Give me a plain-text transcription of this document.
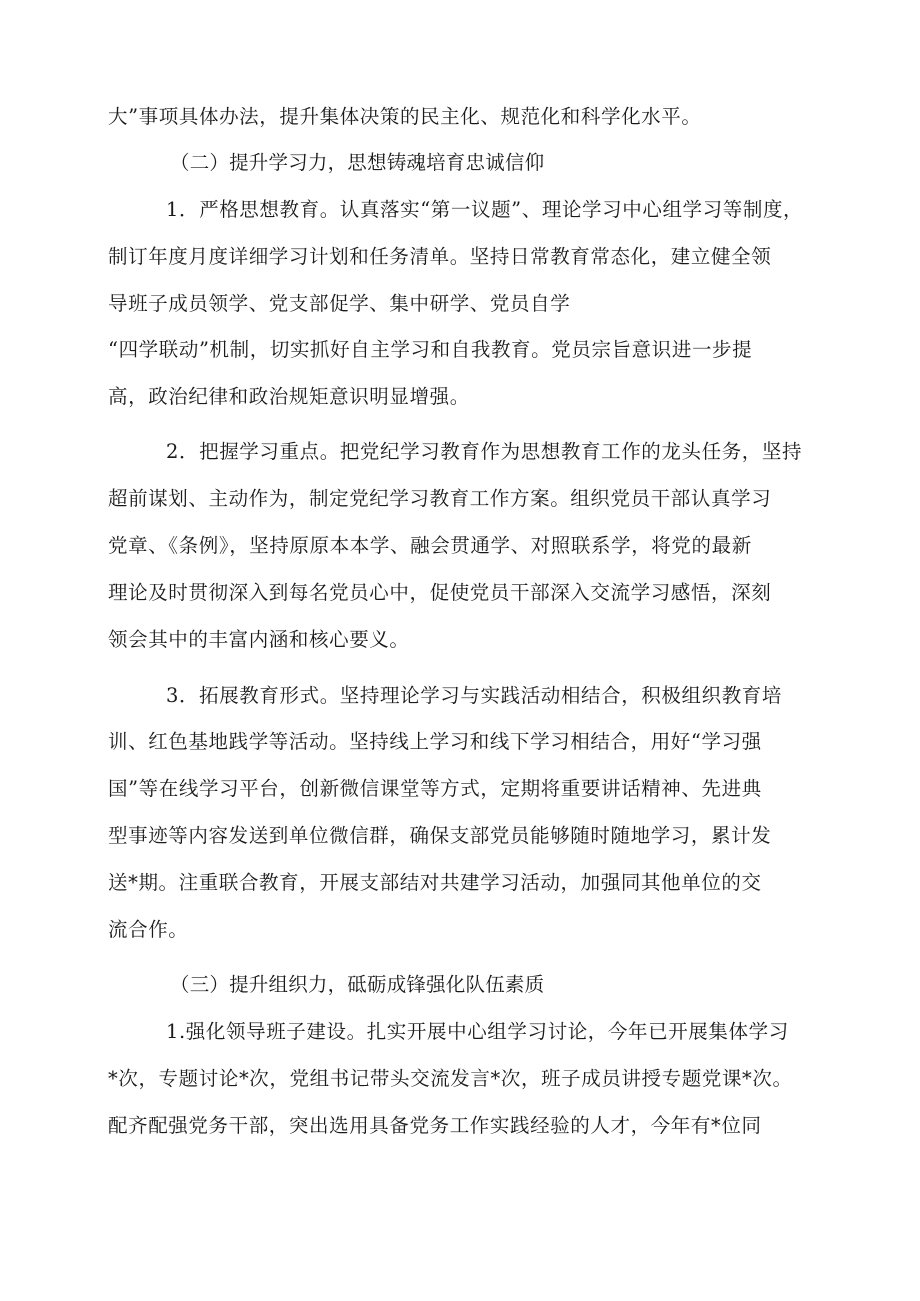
大”事项具体办法，提升集体决策的民主化、规范化和科学化水平。
（二）提升学习力，思想铸魂培育忠诚信仰
1．严格思想教育。认真落实“第一议题”、理论学习中心组学习等制度，
制订年度月度详细学习计划和任务清单。坚持日常教育常态化，建立健全领
导班子成员领学、党支部促学、集中研学、党员自学
“四学联动”机制，切实抓好自主学习和自我教育。党员宗旨意识进一步提
高，政治纪律和政治规矩意识明显增强。
2．把握学习重点。把党纪学习教育作为思想教育工作的龙头任务，坚持
超前谋划、主动作为，制定党纪学习教育工作方案。组织党员干部认真学习
党章、《条例》，坚持原原本本学、融会贯通学、对照联系学，将党的最新
理论及时贯彻深入到每名党员心中，促使党员干部深入交流学习感悟，深刻
领会其中的丰富内涵和核心要义。
3．拓展教育形式。坚持理论学习与实践活动相结合，积极组织教育培
训、红色基地践学等活动。坚持线上学习和线下学习相结合，用好“学习强
国”等在线学习平台，创新微信课堂等方式，定期将重要讲话精神、先进典
型事迹等内容发送到单位微信群，确保支部党员能够随时随地学习，累计发
送*期。注重联合教育，开展支部结对共建学习活动，加强同其他单位的交
流合作。
（三）提升组织力，砥砺成锋强化队伍素质
1.强化领导班子建设。扎实开展中心组学习讨论，今年已开展集体学习
*次，专题讨论*次，党组书记带头交流发言*次，班子成员讲授专题党课*次。
配齐配强党务干部，突出选用具备党务工作实践经验的人才，今年有*位同
